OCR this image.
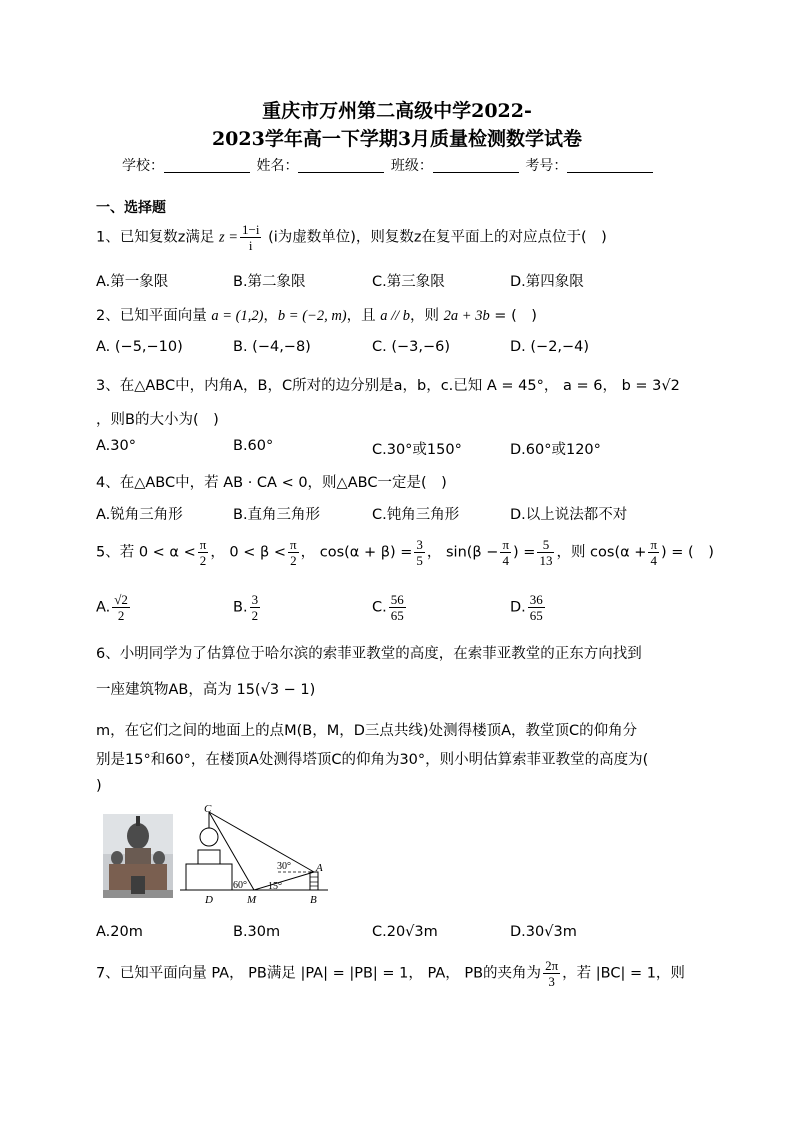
重庆市万州第二高级中学2022-
2023学年高一下学期3月质量检测数学试卷
学校：	姓名：	班级：	考号：
一、选择题
1、已知复数z满足 $z = \frac{1-i}{i} (i$为虚数单位)，则复数z在复平面上的对应点位于(　)
A.第一象限	B.第二象限	C.第三象限	D.第四象限
2、已知平面向量 a = (1,2)，b = (−2, m)，且 a // b，则 2a + 3b = (　)
A. (−5,−10)	B. (−4,−8)	C. (−3,−6)	D. (−2,−4)
3、在△ABC中，内角A，B，C所对的边分别是a，b，c.已知 A = 45°， a = 6， b = 3√2
，则B的大小为(　)
A.30°	B.60°	C.30°或150°	D.60°或120°
4、在△ABC中，若 AB · CA < 0，则△ABC一定是(　)
A.锐角三角形	B.直角三角形	C.钝角三角形	D.以上说法都不对
5、若 $0 < \alpha < \frac{\pi}{2}$ ， $0 < \beta < \frac{\pi}{2}$ ， $\cos(\alpha + \beta) = \frac{3}{5}$ ， $\sin(\beta - \frac{\pi}{4}$ ) = $\frac{5}{13}$ ，则 $\cos(\alpha + \frac{\pi}{4}$ ) = (　)
A. $\frac{√2}{2}$	B. $\frac{3}{2}$	C. $\frac{56}{65}$	D. $\frac{36}{65}$
6、小明同学为了估算位于哈尔滨的索菲亚教堂的高度，在索菲亚教堂的正东方向找到
一座建筑物AB，高为 15(√3 − 1)
m，在它们之间的地面上的点M(B，M，D三点共线)处测得楼顶A，教堂顶C的仰角分
别是15°和60°，在楼顶A处测得塔顶C的仰角为30°，则小明估算索菲亚教堂的高度为(
)
C
A
B
D	M
30°
60° 15°
A.20m	B.30m	C.20√3m	D.30√3m
7、已知平面向量 PA， PB满足 |PA| = |PB| = 1， PA， PB的夹角为 $\frac{2\pi}{3}$ ，若 |BC| = 1，则
